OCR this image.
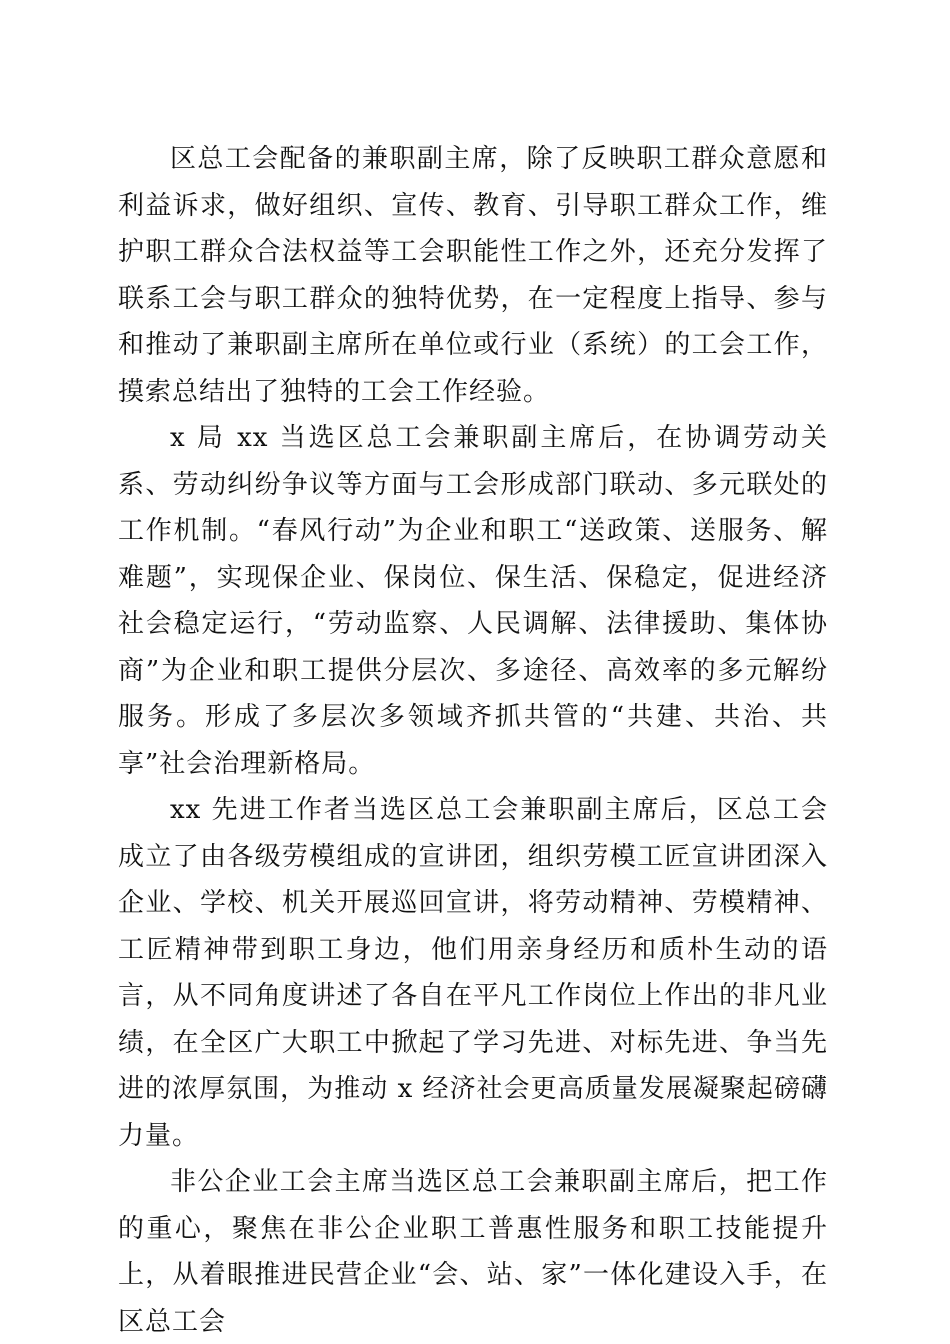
区总工会配备的兼职副主席，除了反映职工群众意愿和利益诉求，做好组织、宣传、教育、引导职工群众工作，维护职工群众合法权益等工会职能性工作之外，还充分发挥了联系工会与职工群众的独特优势，在一定程度上指导、参与和推动了兼职副主席所在单位或行业（系统）的工会工作，摸索总结出了独特的工会工作经验。

x 局 xx 当选区总工会兼职副主席后，在协调劳动关系、劳动纠纷争议等方面与工会形成部门联动、多元联处的工作机制。“春风行动”为企业和职工“送政策、送服务、解难题”，实现保企业、保岗位、保生活、保稳定，促进经济社会稳定运行，“劳动监察、人民调解、法律援助、集体协商”为企业和职工提供分层次、多途径、高效率的多元解纷服务。形成了多层次多领域齐抓共管的“共建、共治、共享”社会治理新格局。

xx 先进工作者当选区总工会兼职副主席后，区总工会成立了由各级劳模组成的宣讲团，组织劳模工匠宣讲团深入企业、学校、机关开展巡回宣讲，将劳动精神、劳模精神、工匠精神带到职工身边，他们用亲身经历和质朴生动的语言，从不同角度讲述了各自在平凡工作岗位上作出的非凡业绩，在全区广大职工中掀起了学习先进、对标先进、争当先进的浓厚氛围，为推动 x 经济社会更高质量发展凝聚起磅礴力量。

非公企业工会主席当选区总工会兼职副主席后，把工作的重心，聚焦在非公企业职工普惠性服务和职工技能提升上，从着眼推进民营企业“会、站、家”一体化建设入手，在区总工会
